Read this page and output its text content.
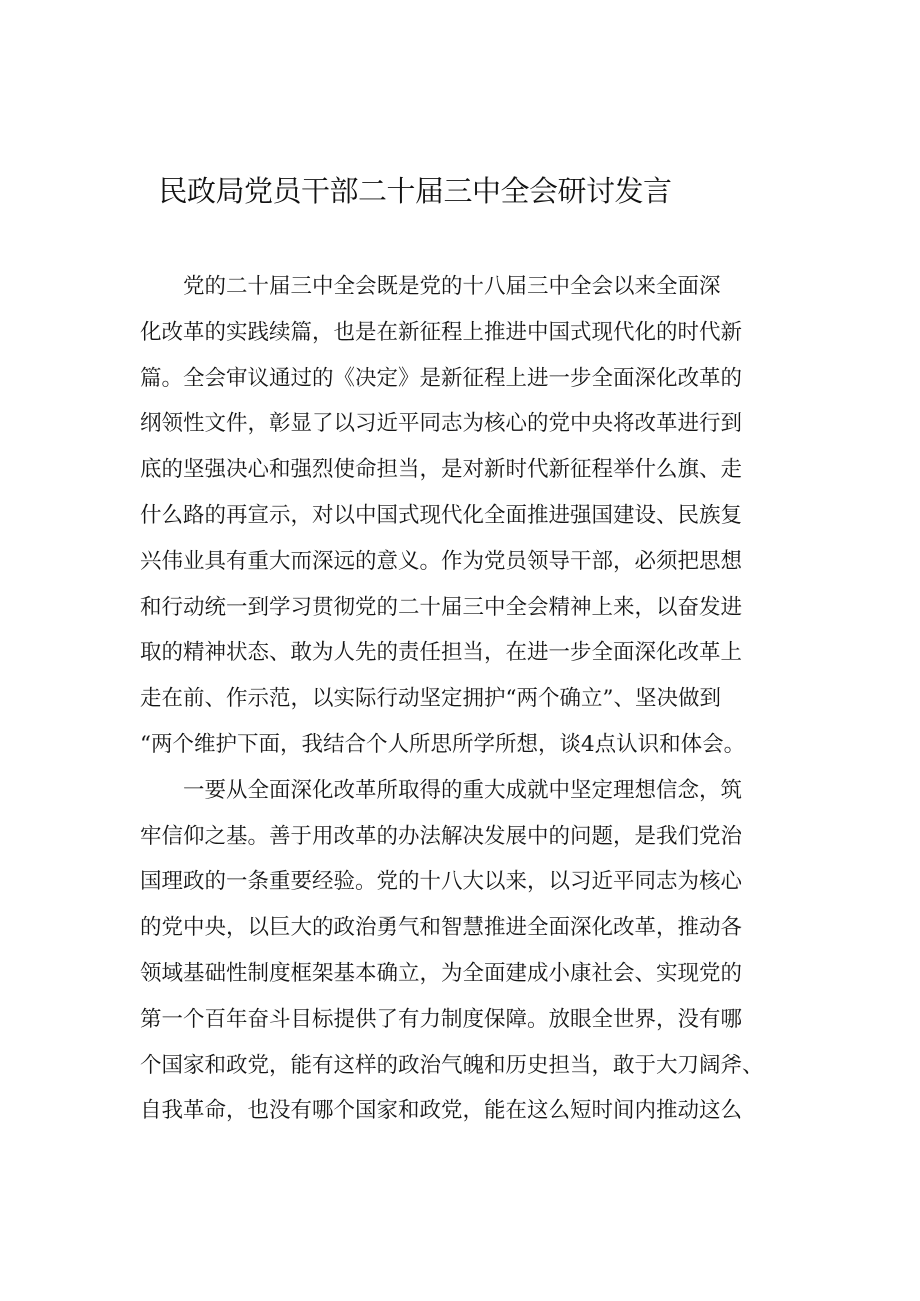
民政局党员干部二十届三中全会研讨发言
党的二十届三中全会既是党的十八届三中全会以来全面深
化改革的实践续篇，也是在新征程上推进中国式现代化的时代新
篇。全会审议通过的《决定》是新征程上进一步全面深化改革的
纲领性文件，彰显了以习近平同志为核心的党中央将改革进行到
底的坚强决心和强烈使命担当，是对新时代新征程举什么旗、走
什么路的再宣示，对以中国式现代化全面推进强国建设、民族复
兴伟业具有重大而深远的意义。作为党员领导干部，必须把思想
和行动统一到学习贯彻党的二十届三中全会精神上来，以奋发进
取的精神状态、敢为人先的责任担当，在进一步全面深化改革上
走在前、作示范，以实际行动坚定拥护“两个确立”、坚决做到
“两个维护下面，我结合个人所思所学所想，谈4点认识和体会。
一要从全面深化改革所取得的重大成就中坚定理想信念，筑
牢信仰之基。善于用改革的办法解决发展中的问题，是我们党治
国理政的一条重要经验。党的十八大以来，以习近平同志为核心
的党中央，以巨大的政治勇气和智慧推进全面深化改革，推动各
领域基础性制度框架基本确立，为全面建成小康社会、实现党的
第一个百年奋斗目标提供了有力制度保障。放眼全世界，没有哪
个国家和政党，能有这样的政治气魄和历史担当，敢于大刀阔斧、
自我革命，也没有哪个国家和政党，能在这么短时间内推动这么
